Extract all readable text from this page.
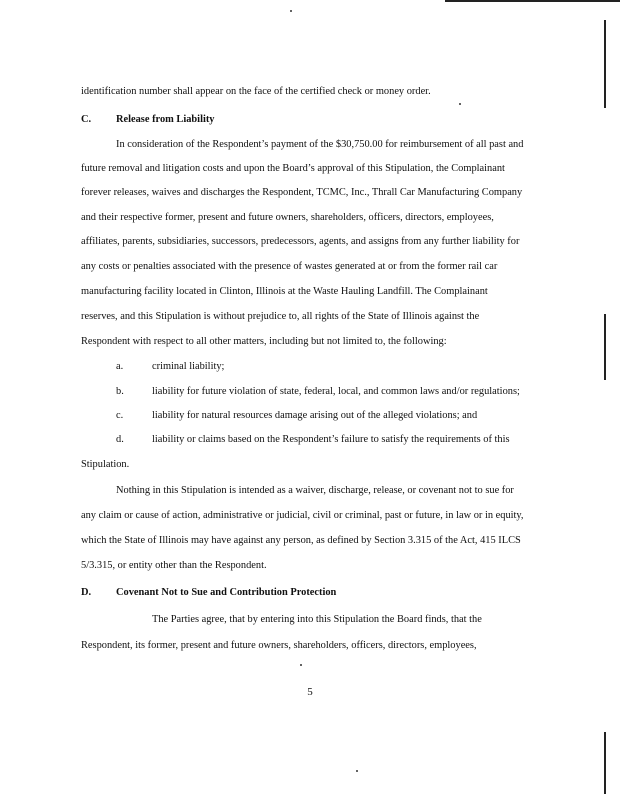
identification number shall appear on the face of the certified check or money order.
C. Release from Liability
In consideration of the Respondent’s payment of the $30,750.00 for reimbursement of all past and
future removal and litigation costs and upon the Board’s approval of this Stipulation, the Complainant
forever releases, waives and discharges the Respondent, TCMC, Inc., Thrall Car Manufacturing Company
and their respective former, present and future owners, shareholders, officers, directors, employees,
affiliates, parents, subsidiaries, successors, predecessors, agents, and assigns from any further liability for
any costs or penalties associated with the presence of wastes generated at or from the former rail car
manufacturing facility located in Clinton, Illinois at the Waste Hauling Landfill. The Complainant
reserves, and this Stipulation is without prejudice to, all rights of the State of Illinois against the
Respondent with respect to all other matters, including but not limited to, the following:
a.	criminal liability;
b.	liability for future violation of state, federal, local, and common laws and/or regulations;
c.	liability for natural resources damage arising out of the alleged violations; and
d.	liability or claims based on the Respondent’s failure to satisfy the requirements of this
Stipulation.
Nothing in this Stipulation is intended as a waiver, discharge, release, or covenant not to sue for
any claim or cause of action, administrative or judicial, civil or criminal, past or future, in law or in equity,
which the State of Illinois may have against any person, as defined by Section 3.315 of the Act, 415 ILCS
5/3.315, or entity other than the Respondent.
D. Covenant Not to Sue and Contribution Protection
The Parties agree, that by entering into this Stipulation the Board finds, that the
Respondent, its former, present and future owners, shareholders, officers, directors, employees,
5
